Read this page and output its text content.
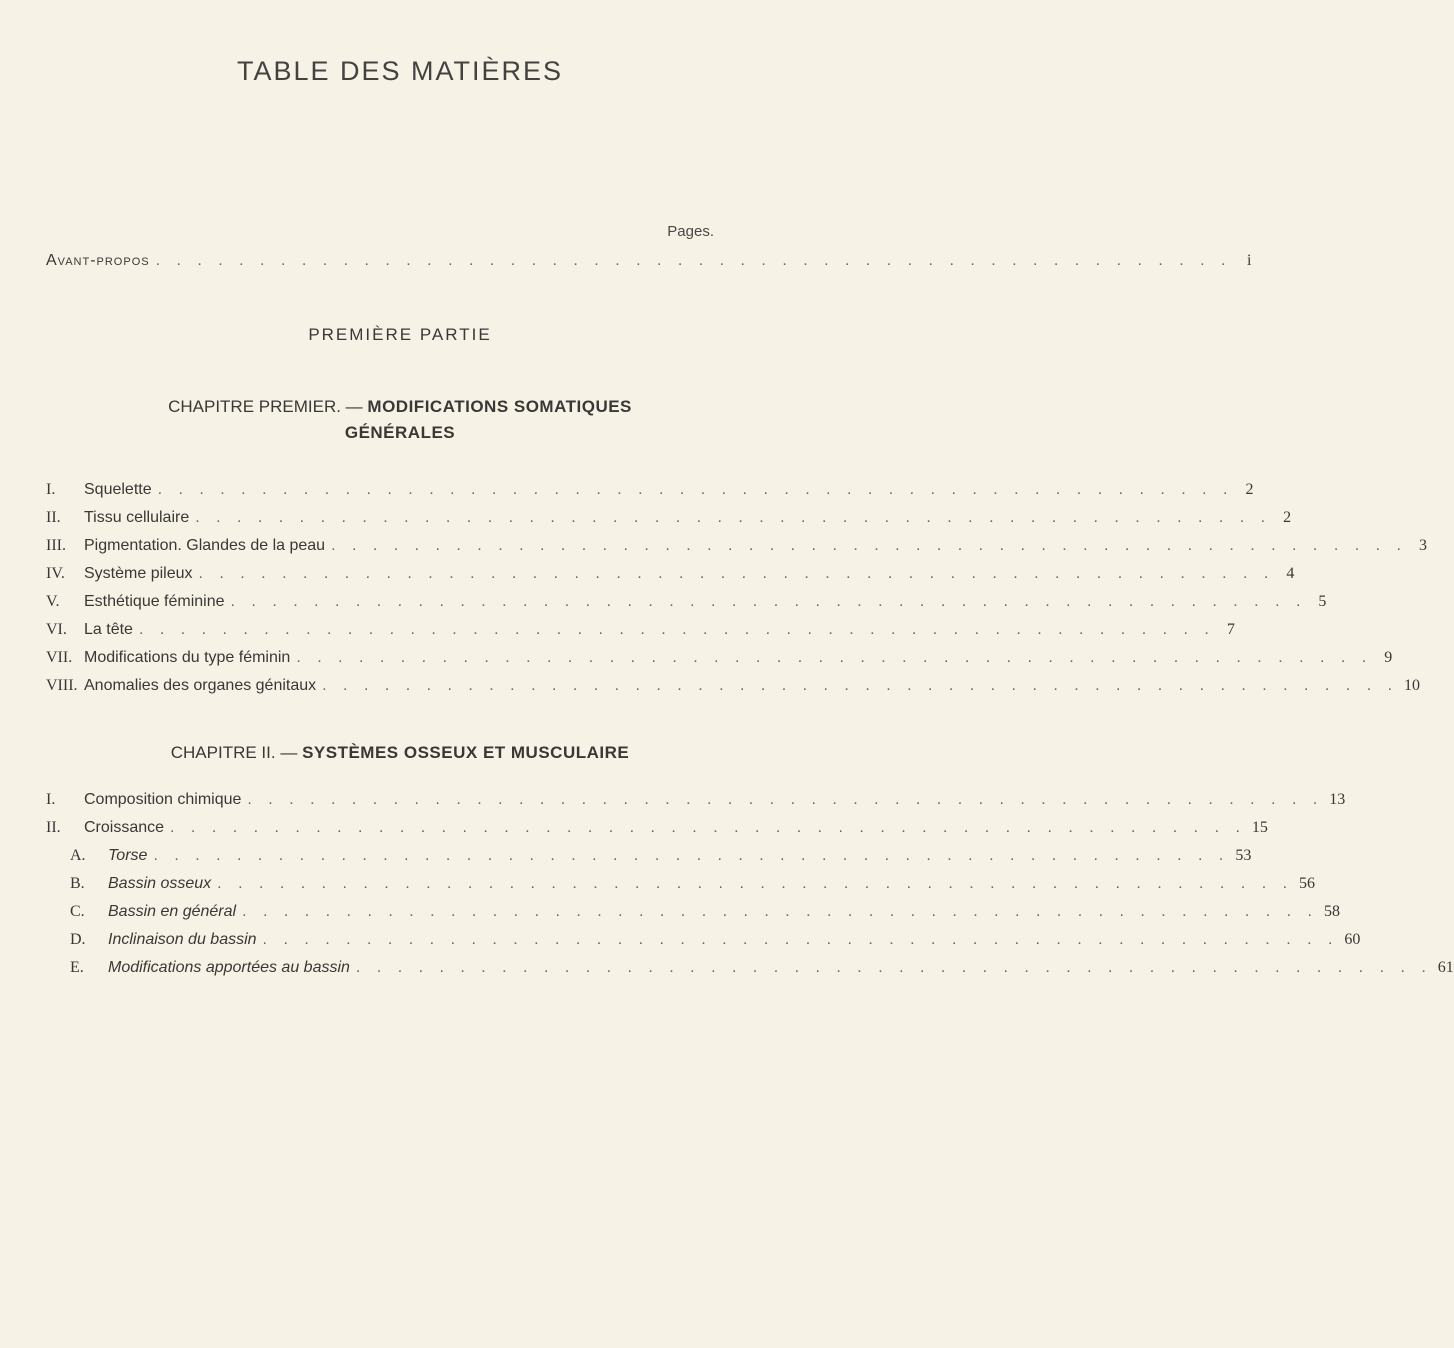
TABLE DES MATIÈRES
Pages.
Avant-propos . . . . . . . . . . . . . . . . . . . . . . . . . . . . . . . . . . . . . . . . . . . . . . . . . . . . i
PREMIÈRE PARTIE
CHAPITRE PREMIER. — MODIFICATIONS SOMATIQUES
GÉNÉRALES
I.	Squelette . . . . . . . . . . . . . . . . . . . . . . . . . . . . . . . . . . . . . . . . . . . . . . . . . . . . 2
II.	Tissu cellulaire . . . . . . . . . . . . . . . . . . . . . . . . . . . . . . . . . . . . . . . . . . . . . . . . . . . . 2
III.	Pigmentation. Glandes de la peau . . . . . . . . . . . . . . . . . . . . . . . . . . . . . . . . . . . . . . . . . . . . . . . . . . . . 3
IV.	Système pileux . . . . . . . . . . . . . . . . . . . . . . . . . . . . . . . . . . . . . . . . . . . . . . . . . . . . 4
V.	Esthétique féminine . . . . . . . . . . . . . . . . . . . . . . . . . . . . . . . . . . . . . . . . . . . . . . . . . . . . 5
VI.	La tête . . . . . . . . . . . . . . . . . . . . . . . . . . . . . . . . . . . . . . . . . . . . . . . . . . . . 7
VII. Modifications du type féminin . . . . . . . . . . . . . . . . . . . . . . . . . . . . . . . . . . . . . . . . . . . . . . . . . . . . 9
VIII. Anomalies des organes génitaux . . . . . . . . . . . . . . . . . . . . . . . . . . . . . . . . . . . . . . . . . . . . . . . . . . . . 10
CHAPITRE II. — SYSTÈMES OSSEUX ET MUSCULAIRE
I.	Composition chimique . . . . . . . . . . . . . . . . . . . . . . . . . . . . . . . . . . . . . . . . . . . . . . . . . . . . 13
II.	Croissance . . . . . . . . . . . . . . . . . . . . . . . . . . . . . . . . . . . . . . . . . . . . . . . . . . . . 15
A.	Torse . . . . . . . . . . . . . . . . . . . . . . . . . . . . . . . . . . . . . . . . . . . . . . . . . . . . 53
B.	Bassin osseux . . . . . . . . . . . . . . . . . . . . . . . . . . . . . . . . . . . . . . . . . . . . . . . . . . . . 56
C.	Bassin en général . . . . . . . . . . . . . . . . . . . . . . . . . . . . . . . . . . . . . . . . . . . . . . . . . . . . 58
D.	Inclinaison du bassin . . . . . . . . . . . . . . . . . . . . . . . . . . . . . . . . . . . . . . . . . . . . . . . . . . . . 60
E.	Modifications apportées au bassin . . . . . . . . . . . . . . . . . . . . . . . . . . . . . . . . . . . . . . . . . . . . . . . . . . . . 61
